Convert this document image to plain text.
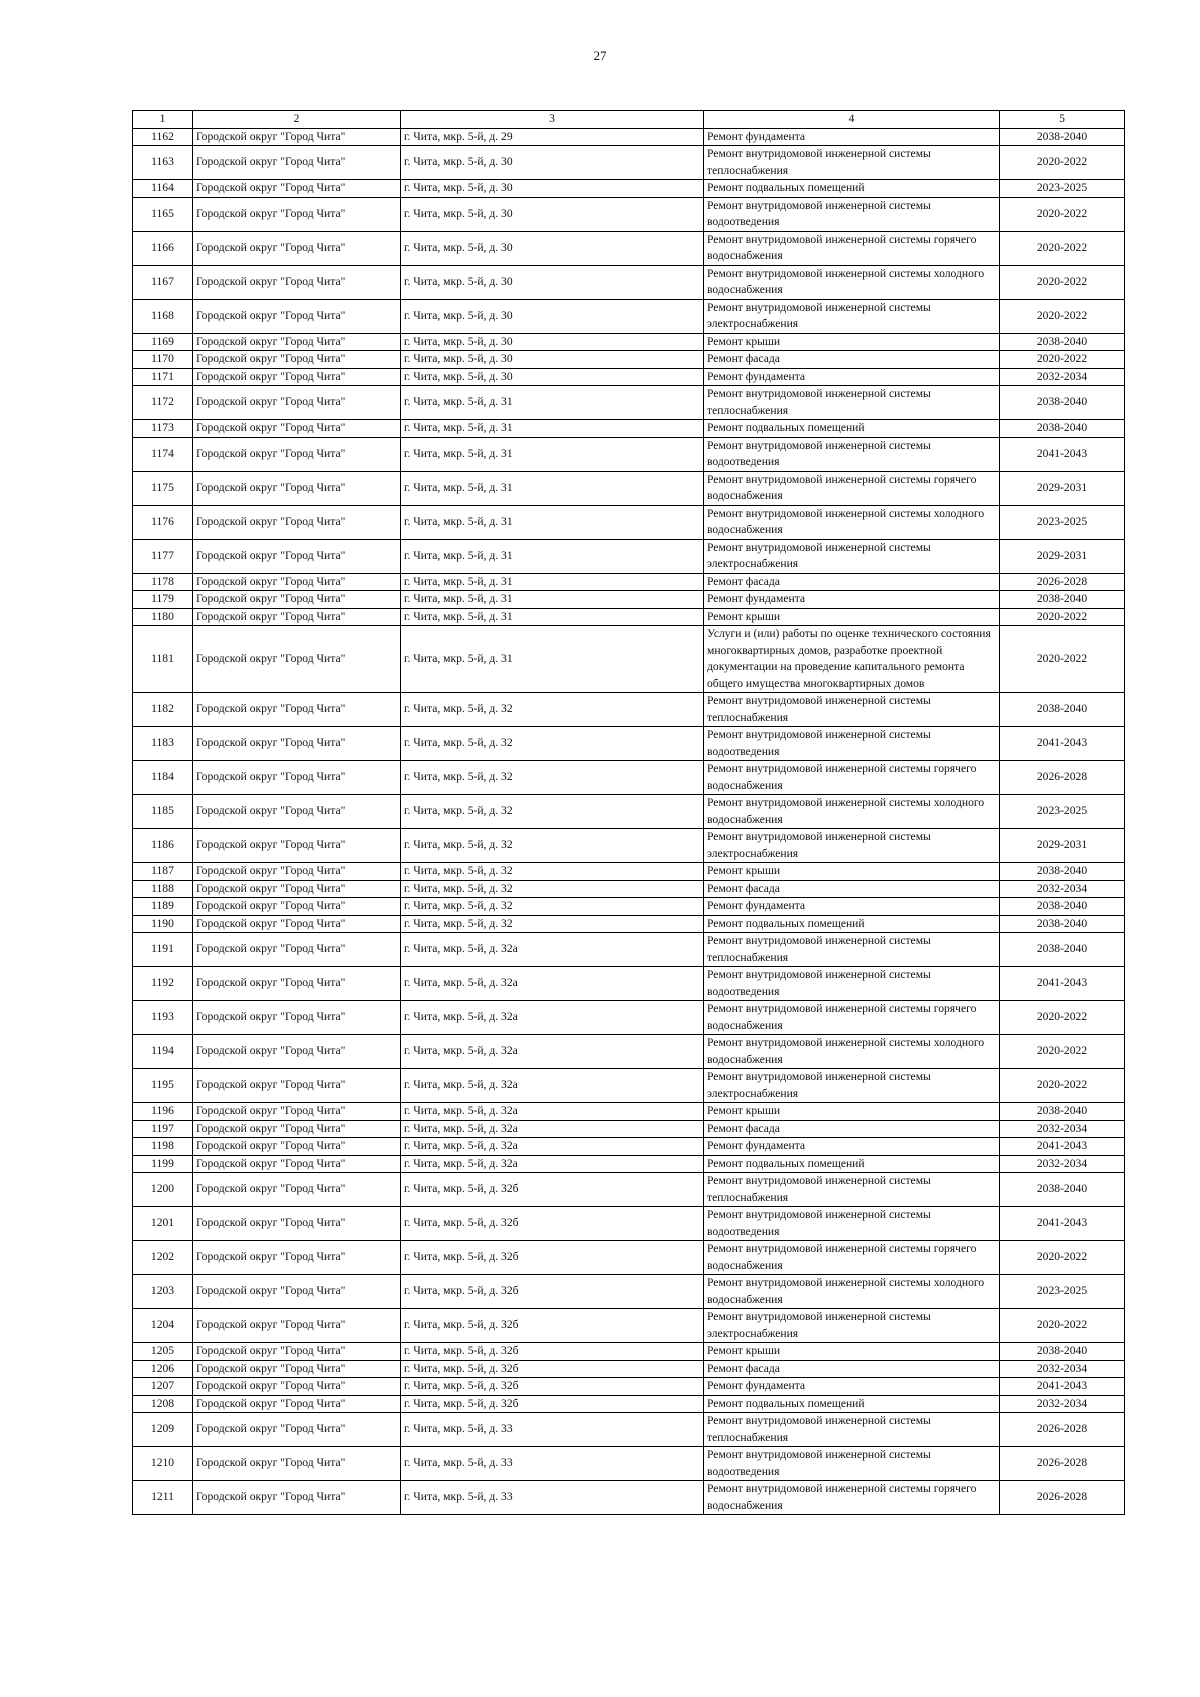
27
1	2	3	4	5
1162	Городской округ "Город Чита"	г. Чита, мкр. 5-й, д. 29	Ремонт фундамента	2038-2040
1163	Городской округ "Город Чита"	г. Чита, мкр. 5-й, д. 30	Ремонт внутридомовой инженерной системы теплоснабжения	2020-2022
1164	Городской округ "Город Чита"	г. Чита, мкр. 5-й, д. 30	Ремонт подвальных помещений	2023-2025
1165	Городской округ "Город Чита"	г. Чита, мкр. 5-й, д. 30	Ремонт внутридомовой инженерной системы водоотведения	2020-2022
1166	Городской округ "Город Чита"	г. Чита, мкр. 5-й, д. 30	Ремонт внутридомовой инженерной системы горячего водоснабжения	2020-2022
1167	Городской округ "Город Чита"	г. Чита, мкр. 5-й, д. 30	Ремонт внутридомовой инженерной системы холодного водоснабжения	2020-2022
1168	Городской округ "Город Чита"	г. Чита, мкр. 5-й, д. 30	Ремонт внутридомовой инженерной системы электроснабжения	2020-2022
1169	Городской округ "Город Чита"	г. Чита, мкр. 5-й, д. 30	Ремонт крыши	2038-2040
1170	Городской округ "Город Чита"	г. Чита, мкр. 5-й, д. 30	Ремонт фасада	2020-2022
1171	Городской округ "Город Чита"	г. Чита, мкр. 5-й, д. 30	Ремонт фундамента	2032-2034
1172	Городской округ "Город Чита"	г. Чита, мкр. 5-й, д. 31	Ремонт внутридомовой инженерной системы теплоснабжения	2038-2040
1173	Городской округ "Город Чита"	г. Чита, мкр. 5-й, д. 31	Ремонт подвальных помещений	2038-2040
1174	Городской округ "Город Чита"	г. Чита, мкр. 5-й, д. 31	Ремонт внутридомовой инженерной системы водоотведения	2041-2043
1175	Городской округ "Город Чита"	г. Чита, мкр. 5-й, д. 31	Ремонт внутридомовой инженерной системы горячего водоснабжения	2029-2031
1176	Городской округ "Город Чита"	г. Чита, мкр. 5-й, д. 31	Ремонт внутридомовой инженерной системы холодного водоснабжения	2023-2025
1177	Городской округ "Город Чита"	г. Чита, мкр. 5-й, д. 31	Ремонт внутридомовой инженерной системы электроснабжения	2029-2031
1178	Городской округ "Город Чита"	г. Чита, мкр. 5-й, д. 31	Ремонт фасада	2026-2028
1179	Городской округ "Город Чита"	г. Чита, мкр. 5-й, д. 31	Ремонт фундамента	2038-2040
1180	Городской округ "Город Чита"	г. Чита, мкр. 5-й, д. 31	Ремонт крыши	2020-2022
1181	Городской округ "Город Чита"	г. Чита, мкр. 5-й, д. 31	Услуги и (или) работы по оценке технического состояния многоквартирных домов, разработке проектной документации на проведение капитального ремонта общего имущества многоквартирных домов	2020-2022
1182	Городской округ "Город Чита"	г. Чита, мкр. 5-й, д. 32	Ремонт внутридомовой инженерной системы теплоснабжения	2038-2040
1183	Городской округ "Город Чита"	г. Чита, мкр. 5-й, д. 32	Ремонт внутридомовой инженерной системы водоотведения	2041-2043
1184	Городской округ "Город Чита"	г. Чита, мкр. 5-й, д. 32	Ремонт внутридомовой инженерной системы горячего водоснабжения	2026-2028
1185	Городской округ "Город Чита"	г. Чита, мкр. 5-й, д. 32	Ремонт внутридомовой инженерной системы холодного водоснабжения	2023-2025
1186	Городской округ "Город Чита"	г. Чита, мкр. 5-й, д. 32	Ремонт внутридомовой инженерной системы электроснабжения	2029-2031
1187	Городской округ "Город Чита"	г. Чита, мкр. 5-й, д. 32	Ремонт крыши	2038-2040
1188	Городской округ "Город Чита"	г. Чита, мкр. 5-й, д. 32	Ремонт фасада	2032-2034
1189	Городской округ "Город Чита"	г. Чита, мкр. 5-й, д. 32	Ремонт фундамента	2038-2040
1190	Городской округ "Город Чита"	г. Чита, мкр. 5-й, д. 32	Ремонт подвальных помещений	2038-2040
1191	Городской округ "Город Чита"	г. Чита, мкр. 5-й, д. 32а	Ремонт внутридомовой инженерной системы теплоснабжения	2038-2040
1192	Городской округ "Город Чита"	г. Чита, мкр. 5-й, д. 32а	Ремонт внутридомовой инженерной системы водоотведения	2041-2043
1193	Городской округ "Город Чита"	г. Чита, мкр. 5-й, д. 32а	Ремонт внутридомовой инженерной системы горячего водоснабжения	2020-2022
1194	Городской округ "Город Чита"	г. Чита, мкр. 5-й, д. 32а	Ремонт внутридомовой инженерной системы холодного водоснабжения	2020-2022
1195	Городской округ "Город Чита"	г. Чита, мкр. 5-й, д. 32а	Ремонт внутридомовой инженерной системы электроснабжения	2020-2022
1196	Городской округ "Город Чита"	г. Чита, мкр. 5-й, д. 32а	Ремонт крыши	2038-2040
1197	Городской округ "Город Чита"	г. Чита, мкр. 5-й, д. 32а	Ремонт фасада	2032-2034
1198	Городской округ "Город Чита"	г. Чита, мкр. 5-й, д. 32а	Ремонт фундамента	2041-2043
1199	Городской округ "Город Чита"	г. Чита, мкр. 5-й, д. 32а	Ремонт подвальных помещений	2032-2034
1200	Городской округ "Город Чита"	г. Чита, мкр. 5-й, д. 32б	Ремонт внутридомовой инженерной системы теплоснабжения	2038-2040
1201	Городской округ "Город Чита"	г. Чита, мкр. 5-й, д. 32б	Ремонт внутридомовой инженерной системы водоотведения	2041-2043
1202	Городской округ "Город Чита"	г. Чита, мкр. 5-й, д. 32б	Ремонт внутридомовой инженерной системы горячего водоснабжения	2020-2022
1203	Городской округ "Город Чита"	г. Чита, мкр. 5-й, д. 32б	Ремонт внутридомовой инженерной системы холодного водоснабжения	2023-2025
1204	Городской округ "Город Чита"	г. Чита, мкр. 5-й, д. 32б	Ремонт внутридомовой инженерной системы электроснабжения	2020-2022
1205	Городской округ "Город Чита"	г. Чита, мкр. 5-й, д. 32б	Ремонт крыши	2038-2040
1206	Городской округ "Город Чита"	г. Чита, мкр. 5-й, д. 32б	Ремонт фасада	2032-2034
1207	Городской округ "Город Чита"	г. Чита, мкр. 5-й, д. 32б	Ремонт фундамента	2041-2043
1208	Городской округ "Город Чита"	г. Чита, мкр. 5-й, д. 32б	Ремонт подвальных помещений	2032-2034
1209	Городской округ "Город Чита"	г. Чита, мкр. 5-й, д. 33	Ремонт внутридомовой инженерной системы теплоснабжения	2026-2028
1210	Городской округ "Город Чита"	г. Чита, мкр. 5-й, д. 33	Ремонт внутридомовой инженерной системы водоотведения	2026-2028
1211	Городской округ "Город Чита"	г. Чита, мкр. 5-й, д. 33	Ремонт внутридомовой инженерной системы горячего водоснабжения	2026-2028
